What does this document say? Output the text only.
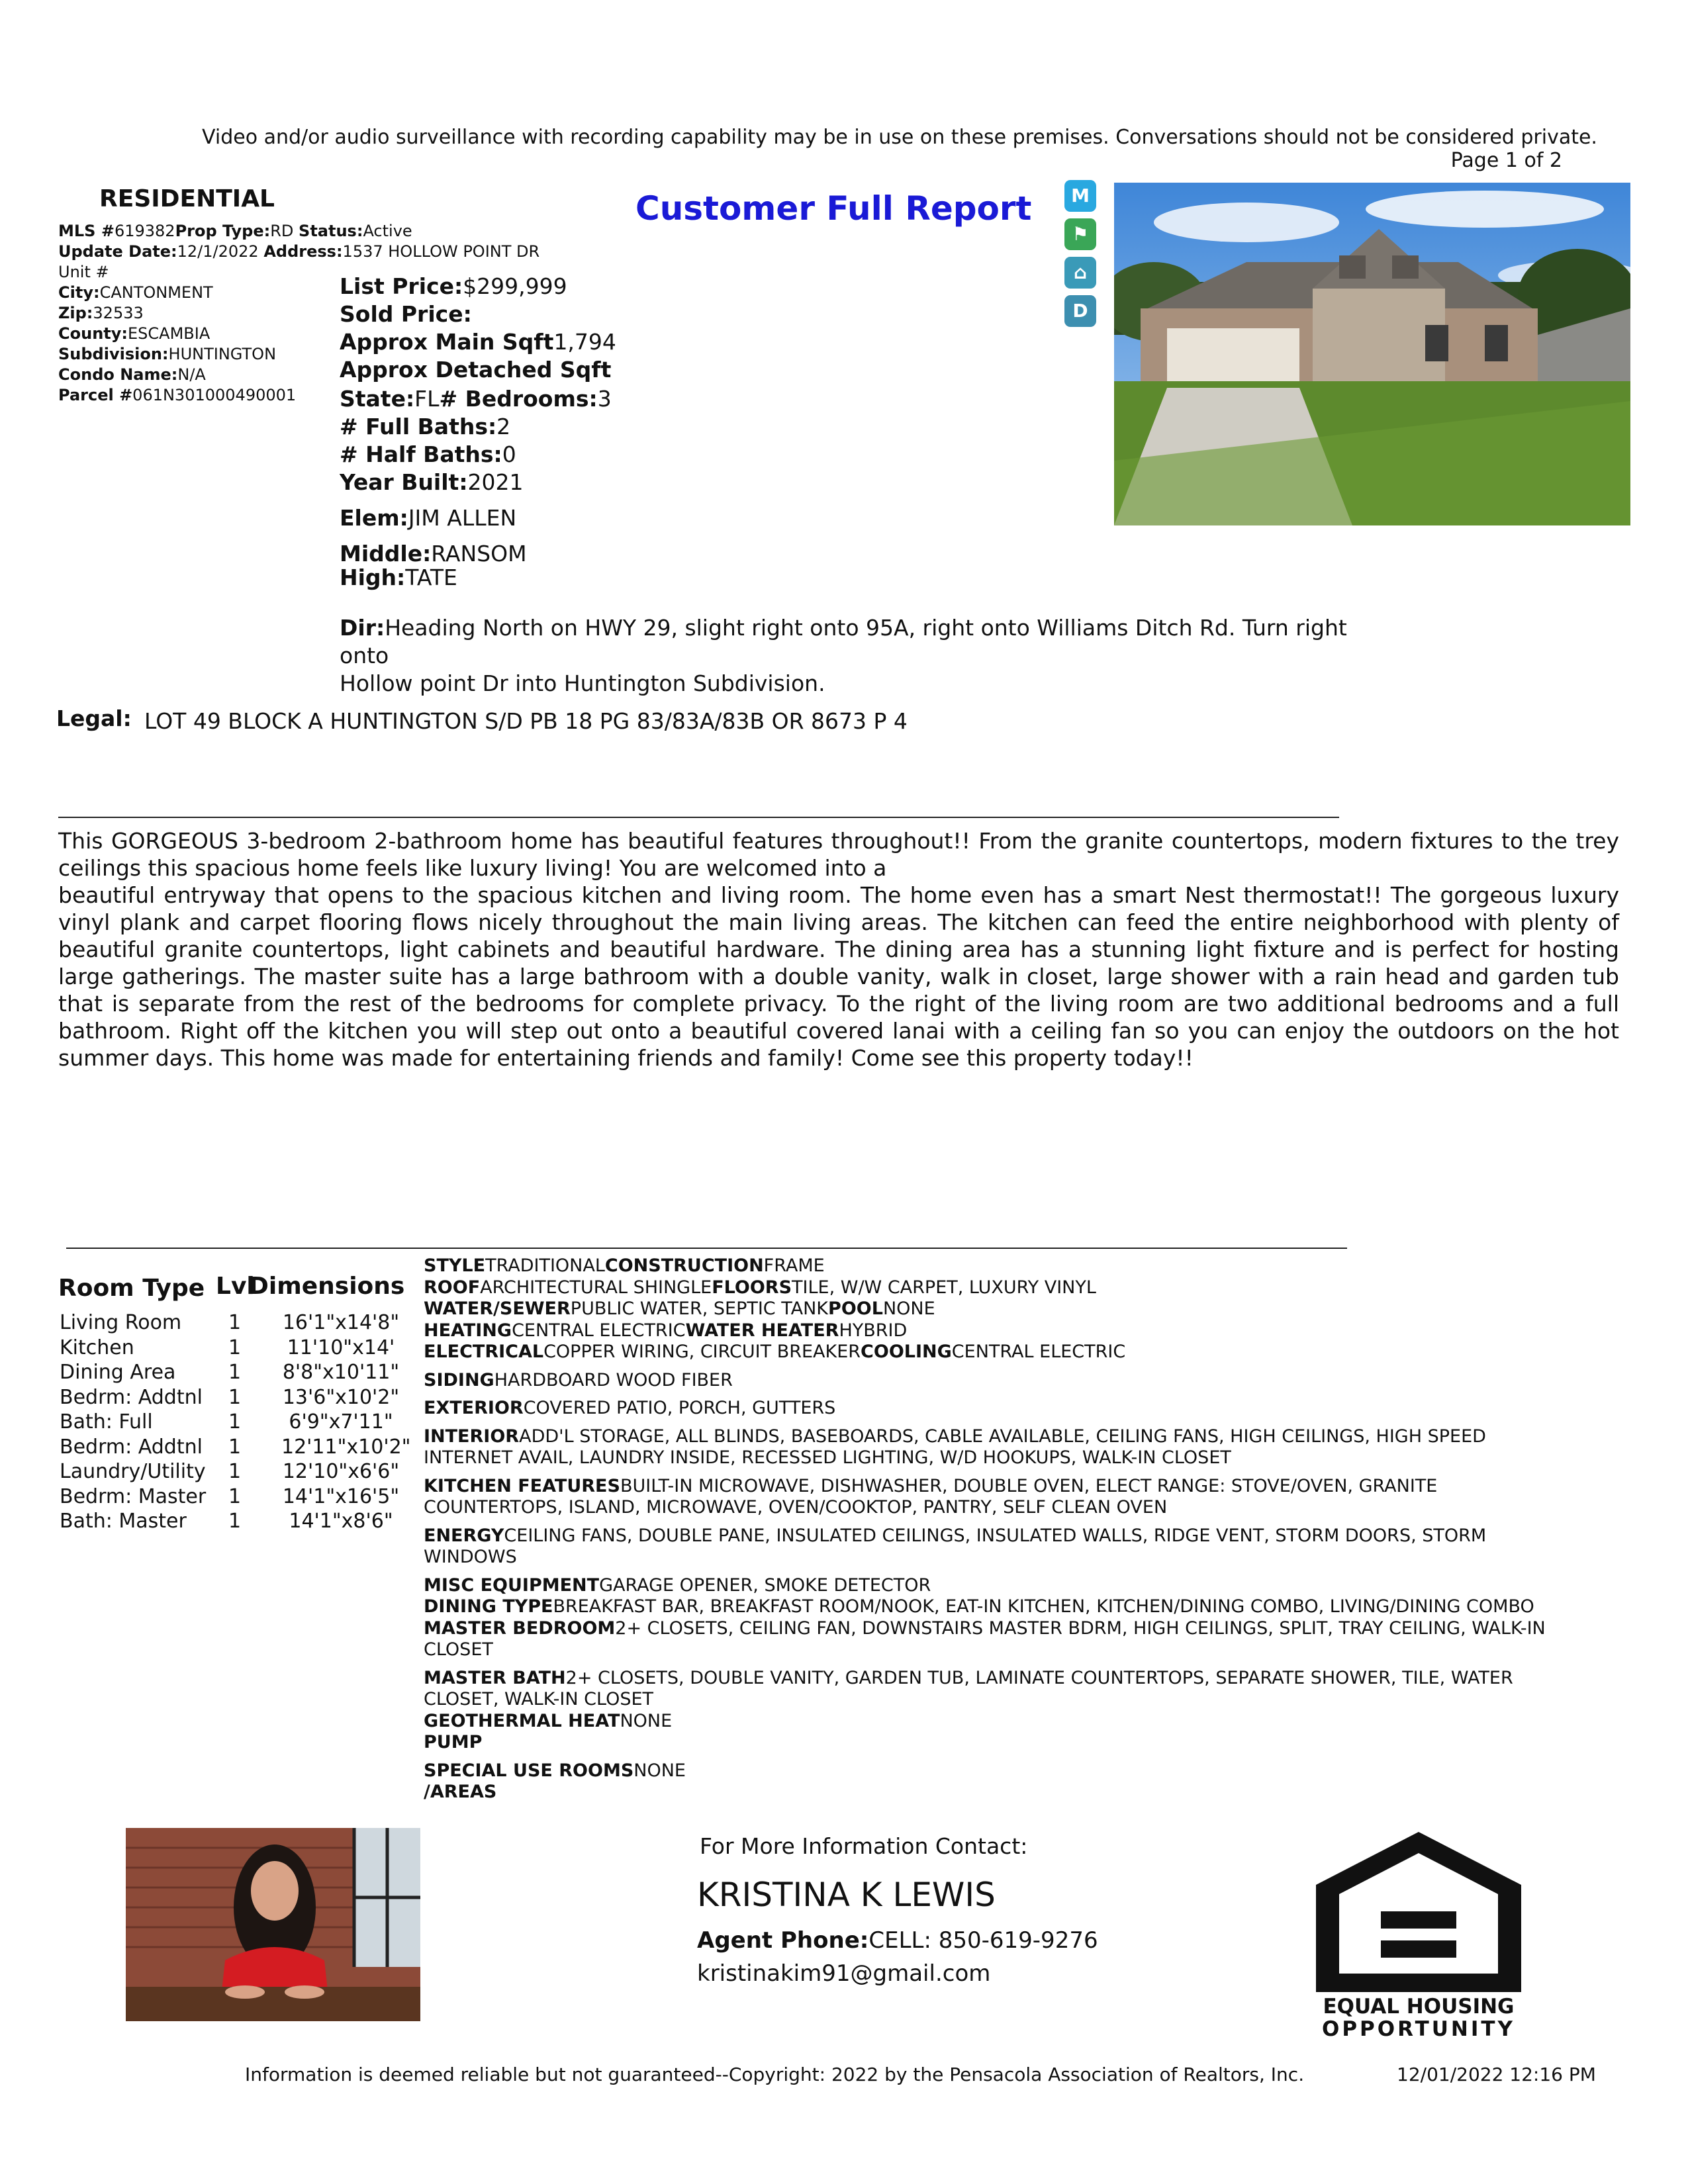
Video and/or audio surveillance with recording capability may be in use on these premises. Conversations should not be considered private.
Page 1 of 2
RESIDENTIAL	Customer Full Report
MLS #619382Prop Type:RD Status:Active
Update Date:12/1/2022 Address:1537 HOLLOW POINT DR
Unit #
City:CANTONMENT
Zip:32533
County:ESCAMBIA
Subdivision:HUNTINGTON
Condo Name:N/A
Parcel #061N301000490001
List Price:$299,999
Sold Price:
Approx Main Sqft1,794
Approx Detached Sqft
State:FL# Bedrooms:3
# Full Baths:2
# Half Baths:0
Year Built:2021
Elem:JIM ALLEN
Middle:RANSOM
High:TATE
M
⚑
⌂
D
Dir:Heading North on HWY 29, slight right onto 95A, right onto Williams Ditch Rd. Turn right onto
Hollow point Dr into Huntington Subdivision.
Legal: LOT 49 BLOCK A HUNTINGTON S/D PB 18 PG 83/83A/83B OR 8673 P 4

This GORGEOUS 3-bedroom 2-bathroom home has beautiful features throughout!! From the granite countertops, modern fixtures to the trey ceilings this spacious home feels like luxury living! You are welcomed into a

beautiful entryway that opens to the spacious kitchen and living room. The home even has a smart Nest thermostat!! The gorgeous luxury vinyl plank and carpet flooring flows nicely throughout the main living areas. The kitchen can feed the entire neighborhood with plenty of beautiful granite countertops, light cabinets and beautiful hardware. The dining area has a stunning light fixture and is perfect for hosting large gatherings. The master suite has a large bathroom with a double vanity, walk in closet, large shower with a rain head and garden tub that is separate from the rest of the bedrooms for complete privacy. To the right of the living room are two additional bedrooms and a full bathroom. Right off the kitchen you will step out onto a beautiful covered lanai with a ceiling fan so you can enjoy the outdoors on the hot summer days. This home was made for entertaining friends and family! Come see this property today!!

Room Type Lvl
Dimensions
Living Room 1 16'1"x14'8"
Kitchen	1 11'10"x14'
Dining Area	1 8'8"x10'11"
Bedrm: Addtnl 1 13'6"x10'2"
Bath: Full	1	6'9"x7'11"
Bedrm: Addtnl 1 12'11"x10'2"
Laundry/Utility 1 12'10"x6'6"
Bedrm: Master 1 14'1"x16'5"
Bath: Master 1	14'1"x8'6"
STYLETRADITIONALCONSTRUCTIONFRAME
ROOFARCHITECTURAL SHINGLEFLOORSTILE, W/W CARPET, LUXURY VINYL
WATER/SEWERPUBLIC WATER, SEPTIC TANKPOOLNONE
HEATINGCENTRAL ELECTRICWATER HEATERHYBRID
ELECTRICALCOPPER WIRING, CIRCUIT BREAKERCOOLINGCENTRAL ELECTRIC
SIDINGHARDBOARD WOOD FIBER
EXTERIORCOVERED PATIO, PORCH, GUTTERS
INTERIORADD'L STORAGE, ALL BLINDS, BASEBOARDS, CABLE AVAILABLE, CEILING FANS, HIGH CEILINGS, HIGH SPEED INTERNET AVAIL, LAUNDRY INSIDE, RECESSED LIGHTING, W/D HOOKUPS, WALK-IN CLOSET
KITCHEN FEATURESBUILT-IN MICROWAVE, DISHWASHER, DOUBLE OVEN, ELECT RANGE: STOVE/OVEN, GRANITE COUNTERTOPS, ISLAND, MICROWAVE, OVEN/COOKTOP, PANTRY, SELF CLEAN OVEN
ENERGYCEILING FANS, DOUBLE PANE, INSULATED CEILINGS, INSULATED WALLS, RIDGE VENT, STORM DOORS, STORM WINDOWS
MISC EQUIPMENTGARAGE OPENER, SMOKE DETECTOR
DINING TYPEBREAKFAST BAR, BREAKFAST ROOM/NOOK, EAT-IN KITCHEN, KITCHEN/DINING COMBO, LIVING/DINING COMBO
MASTER BEDROOM2+ CLOSETS, CEILING FAN, DOWNSTAIRS MASTER BDRM, HIGH CEILINGS, SPLIT, TRAY CEILING, WALK-IN CLOSET
MASTER BATH2+ CLOSETS, DOUBLE VANITY, GARDEN TUB, LAMINATE COUNTERTOPS, SEPARATE SHOWER, TILE, WATER CLOSET, WALK-IN CLOSET
GEOTHERMAL HEATNONE
PUMP
SPECIAL USE ROOMSNONE
/AREAS
For More Information Contact:
KRISTINA K LEWIS
Agent Phone:CELL: 850-619-9276
kristinakim91@gmail.com
EQUAL HOUSING
OPPORTUNITY
Information is deemed reliable but not guaranteed--Copyright: 2022 by the Pensacola Association of Realtors, Inc.	12/01/2022 12:16 PM
